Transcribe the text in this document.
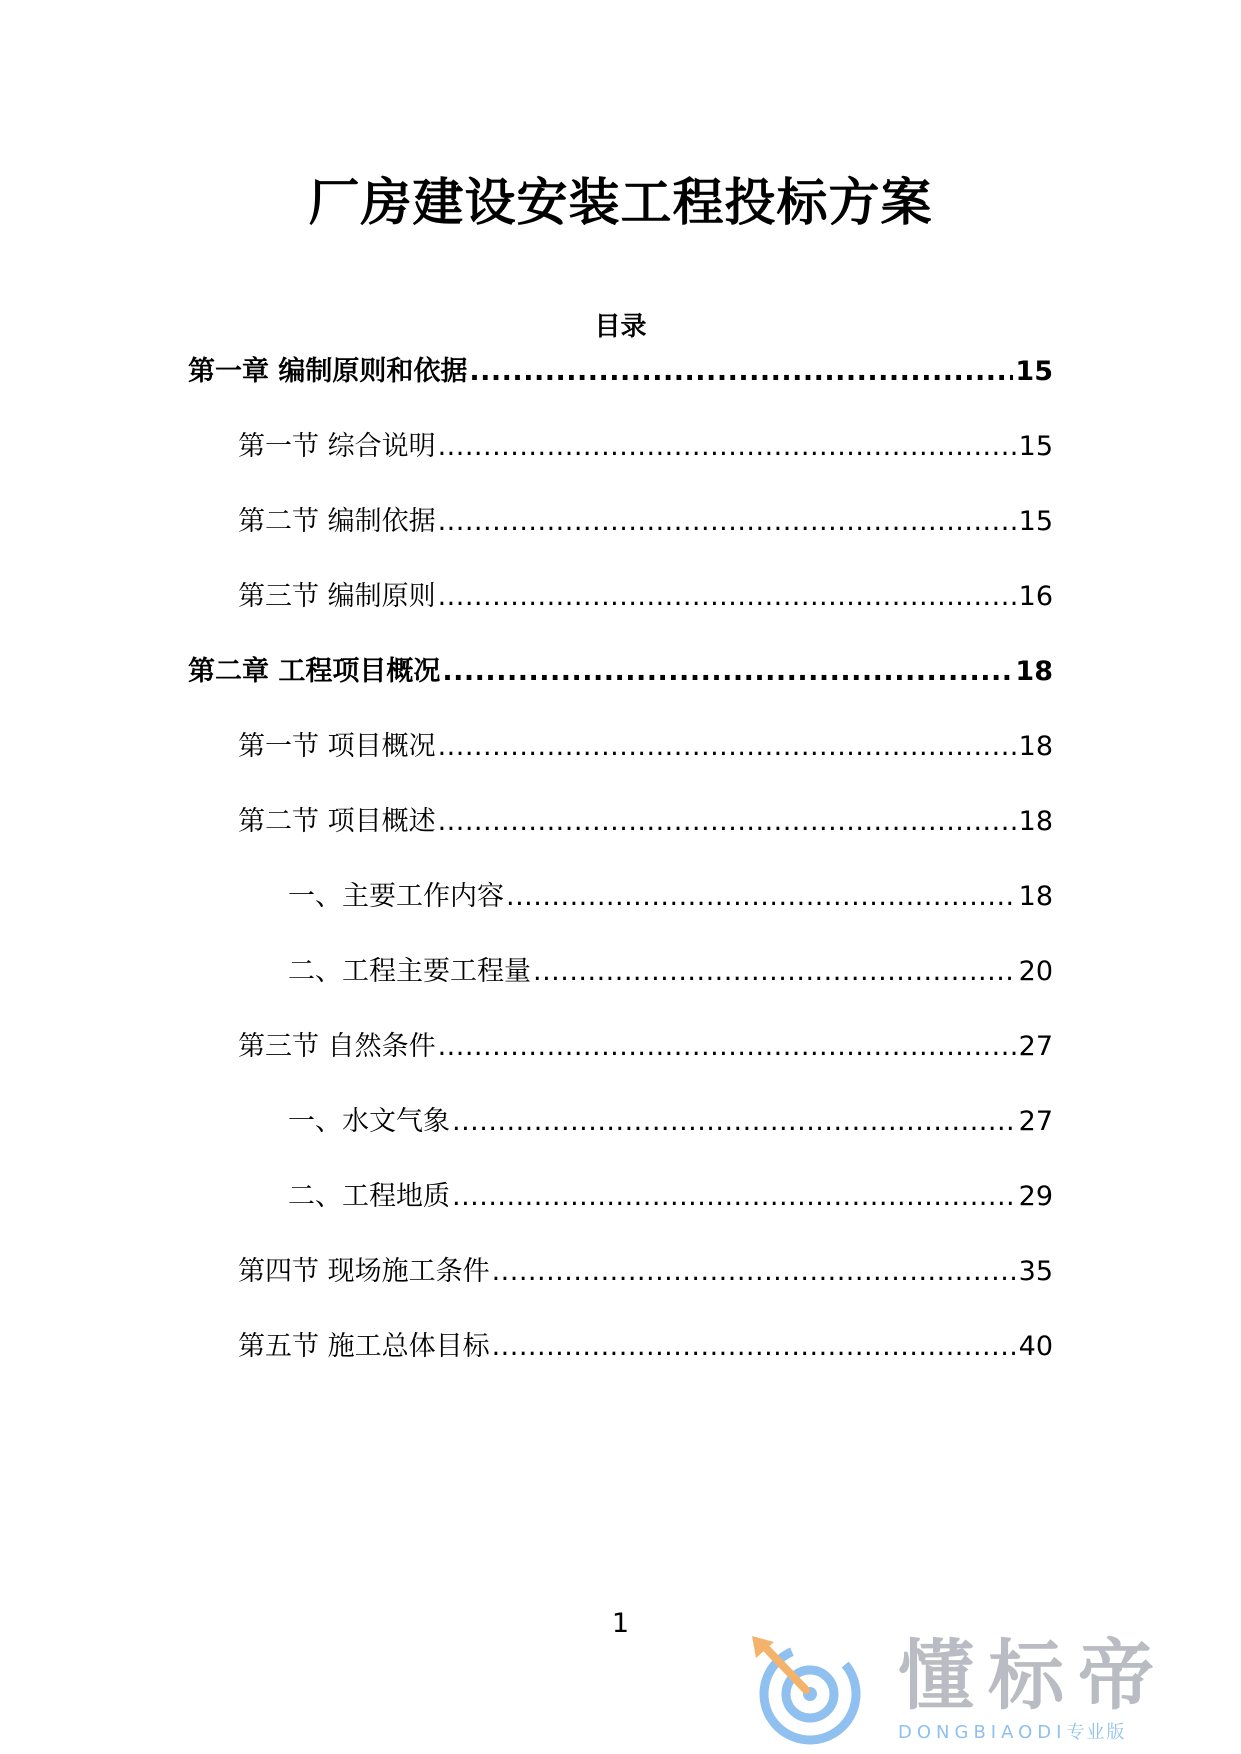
厂房建设安装工程投标方案
目录
第一章 编制原则和依据 .....	15
第一节 综合说明 .....	15
第二节 编制依据 .....	15
第三节 编制原则 .....	16
第二章 工程项目概况 .....	18
第一节 项目概况 .....	18
第二节 项目概述 .....	18
一、主要工作内容 .....	18
二、工程主要工程量 .....	20
第三节 自然条件 .....	27
一、水文气象 .....	27
二、工程地质 .....	29
第四节 现场施工条件 .....	35
第五节 施工总体目标 .....	40
1
懂标帝
DONGBIAODI专业版
